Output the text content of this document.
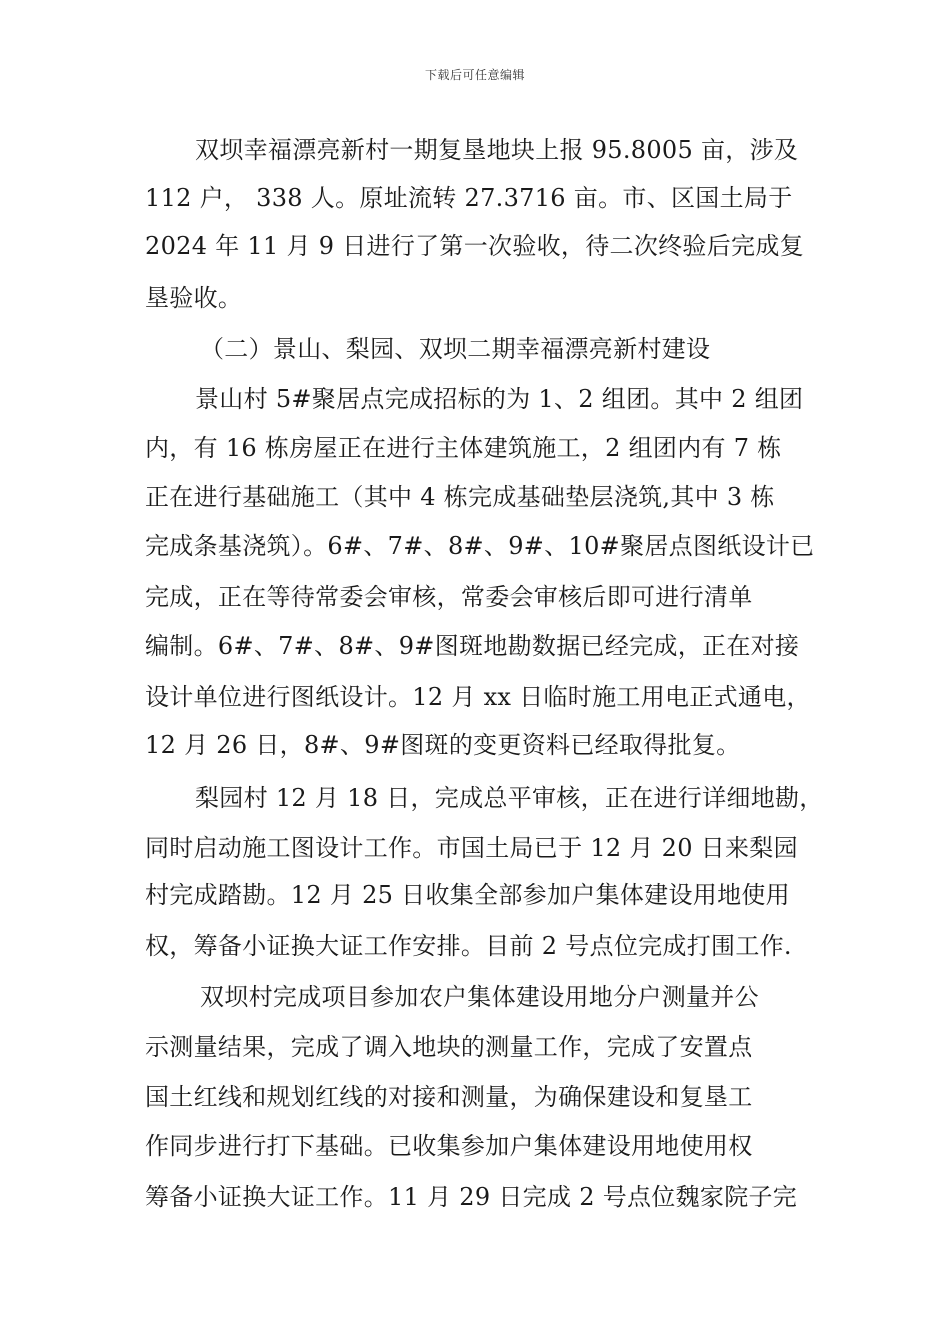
下载后可任意编辑
双坝幸福漂亮新村一期复垦地块上报 95.8005 亩，涉及
112 户， 338 人。原址流转 27.3716 亩。市、区国土局于
2024 年 11 月 9 日进行了第一次验收，待二次终验后完成复
垦验收。
（二）景山、梨园、双坝二期幸福漂亮新村建设
景山村 5#聚居点完成招标的为 1、2 组团。其中 2 组团
内，有 16 栋房屋正在进行主体建筑施工，2 组团内有 7 栋
正在进行基础施工（其中 4 栋完成基础垫层浇筑,其中 3 栋
完成条基浇筑）。6#、7#、8#、9#、10#聚居点图纸设计已
完成，正在等待常委会审核，常委会审核后即可进行清单
编制。6#、7#、8#、9#图斑地勘数据已经完成，正在对接
设计单位进行图纸设计。12 月 xx 日临时施工用电正式通电，
12 月 26 日，8#、9#图斑的变更资料已经取得批复。
梨园村 12 月 18 日，完成总平审核，正在进行详细地勘，
同时启动施工图设计工作。市国土局已于 12 月 20 日来梨园
村完成踏勘。12 月 25 日收集全部参加户集体建设用地使用
权，筹备小证换大证工作安排。目前 2 号点位完成打围工作.
双坝村完成项目参加农户集体建设用地分户测量并公
示测量结果，完成了调入地块的测量工作，完成了安置点
国土红线和规划红线的对接和测量，为确保建设和复垦工
作同步进行打下基础。已收集参加户集体建设用地使用权
筹备小证换大证工作。11 月 29 日完成 2 号点位魏家院子完
